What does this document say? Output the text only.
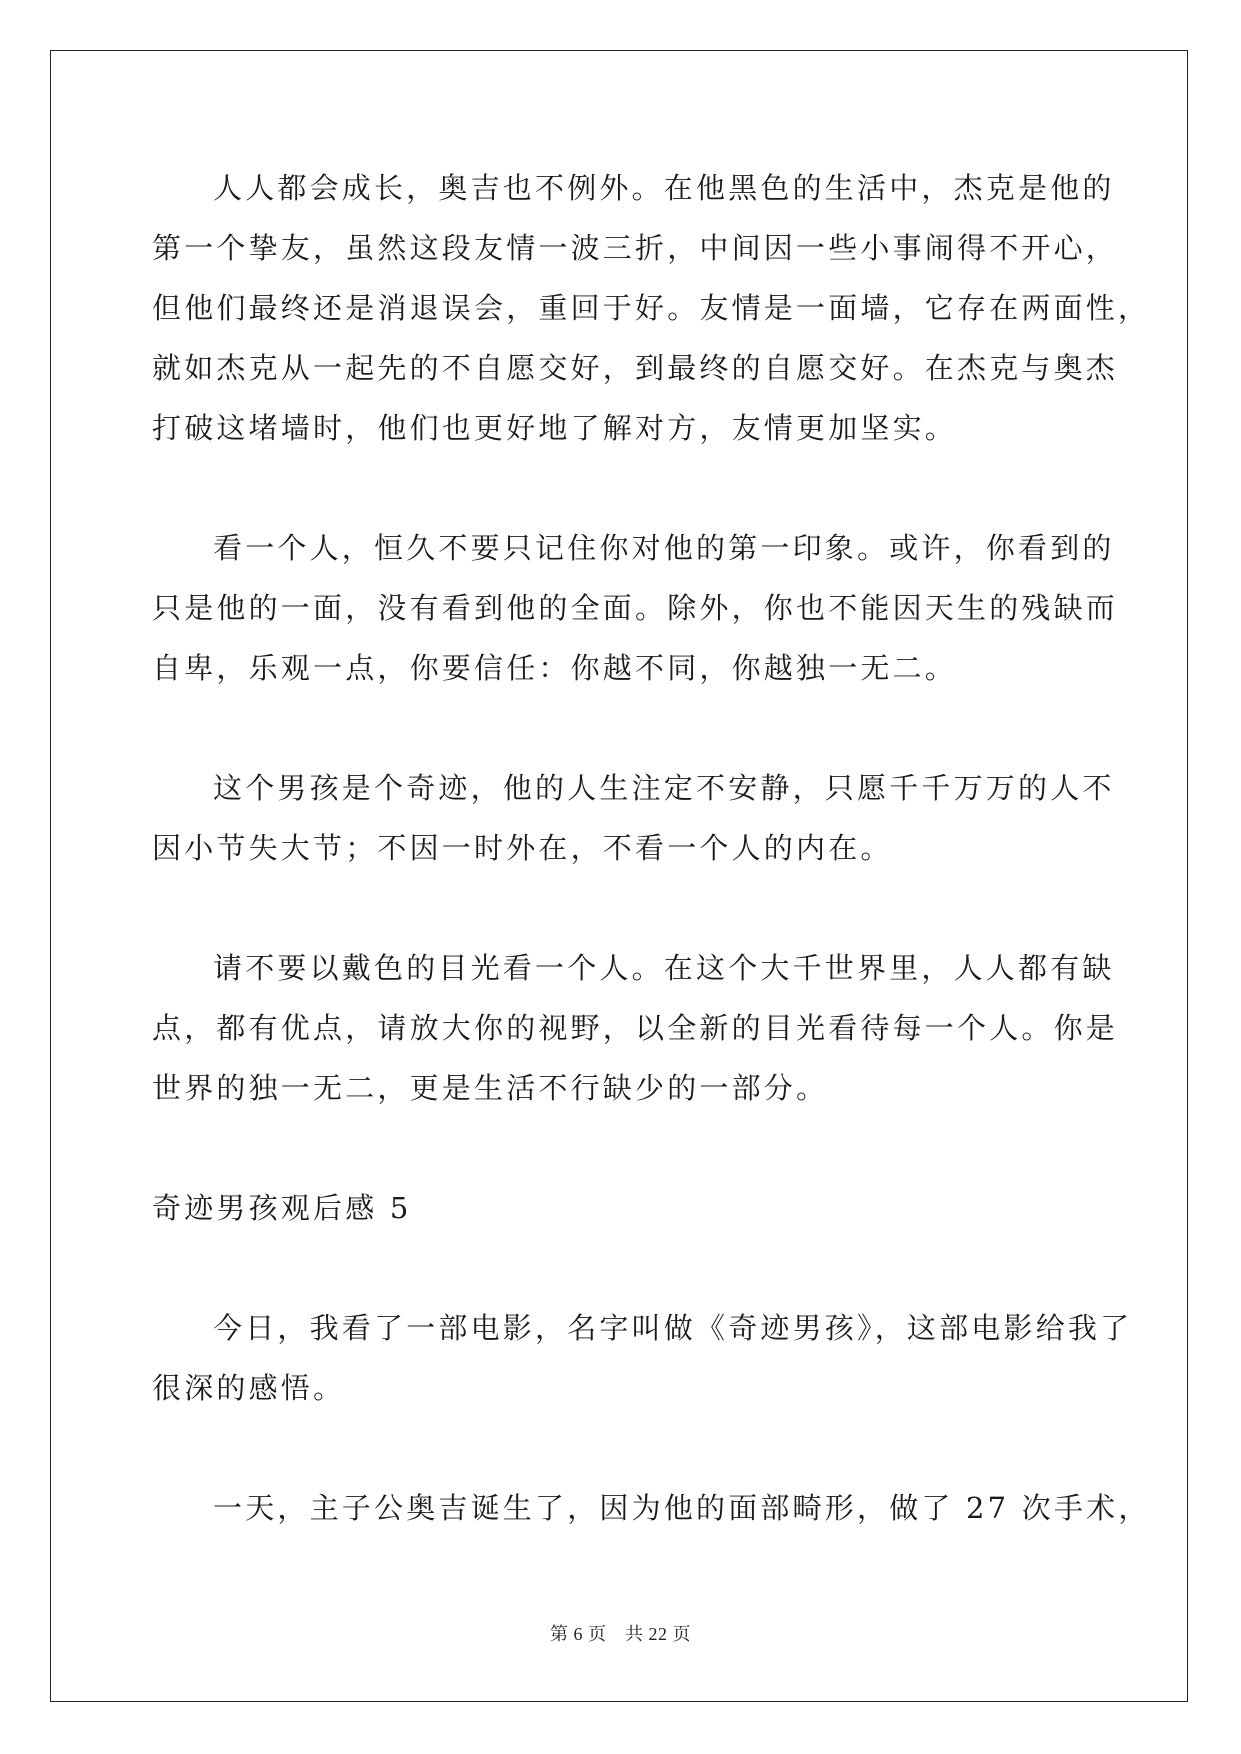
人人都会成长，奥吉也不例外。在他黑色的生活中，杰克是他的
第一个挚友，虽然这段友情一波三折，中间因一些小事闹得不开心，
但他们最终还是消退误会，重回于好。友情是一面墙，它存在两面性，
就如杰克从一起先的不自愿交好，到最终的自愿交好。在杰克与奥杰
打破这堵墙时，他们也更好地了解对方，友情更加坚实。
看一个人，恒久不要只记住你对他的第一印象。或许，你看到的
只是他的一面，没有看到他的全面。除外，你也不能因天生的残缺而
自卑，乐观一点，你要信任：你越不同，你越独一无二。
这个男孩是个奇迹，他的人生注定不安静，只愿千千万万的人不
因小节失大节；不因一时外在，不看一个人的内在。
请不要以戴色的目光看一个人。在这个大千世界里，人人都有缺
点，都有优点，请放大你的视野，以全新的目光看待每一个人。你是
世界的独一无二，更是生活不行缺少的一部分。
奇迹男孩观后感 5
今日，我看了一部电影，名字叫做《奇迹男孩》，这部电影给我了
很深的感悟。
一天，主子公奥吉诞生了，因为他的面部畸形，做了 27 次手术，
第 6 页　共 22 页
